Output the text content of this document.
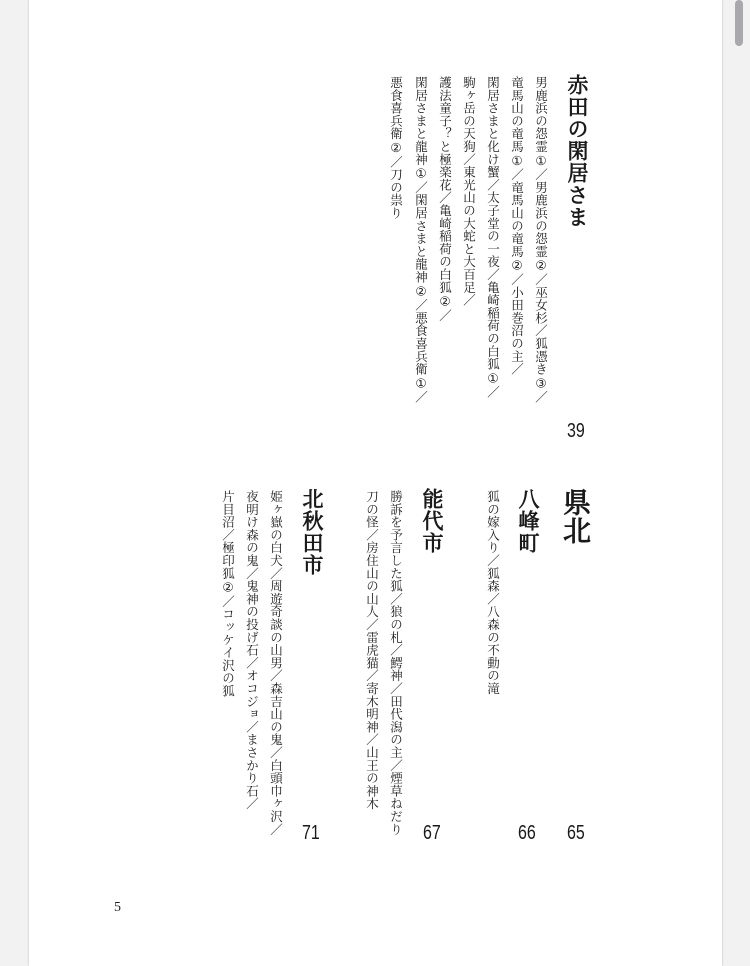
赤田の閑居さま
39
男鹿浜の怨霊①／男鹿浜の怨霊②／巫女杉／狐憑き③／
竜馬山の竜馬①／竜馬山の竜馬②／小田巻沼の主／
閑居さまと化け蟹／太子堂の一夜／亀崎稲荷の白狐①／
駒ヶ岳の天狗／東光山の大蛇と大百足／
護法童子？と極楽花／亀崎稲荷の白狐②／
閑居さまと龍神①／閑居さまと龍神②／悪食喜兵衛①／
悪食喜兵衛②／刀の祟り
県北
65
八峰町
66
狐の嫁入り／狐森／八森の不動の滝
能代市
67
勝訴を予言した狐／狼の札／鰐神／田代潟の主／煙草ねだり
刀の怪／房住山の山人／雷虎猫／寄木明神／山王の神木
北秋田市
71
姫ヶ嶽の白犬／周遊奇談の山男／森吉山の鬼／白頭巾ヶ沢／
夜明け森の鬼／鬼神の投げ石／オコジョ／まさかり石／
片目沼／極印狐②／コッケイ沢の狐
5
